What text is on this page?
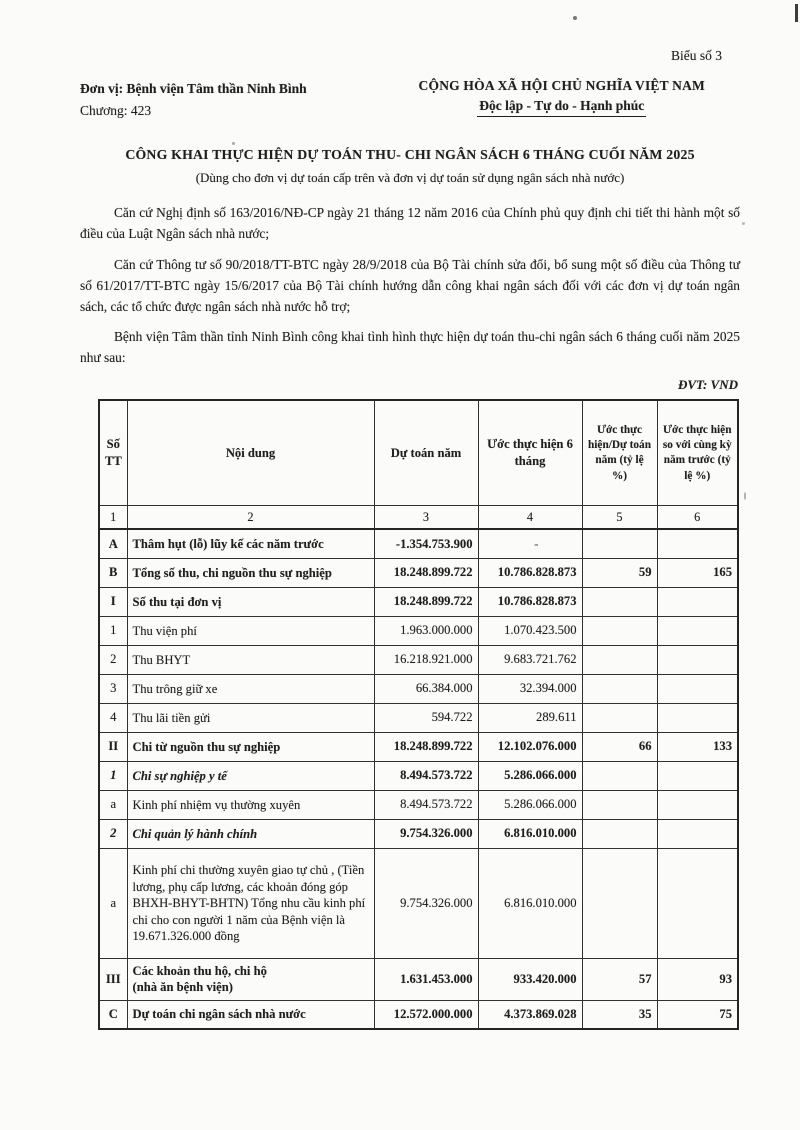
Biểu số 3
Đơn vị: Bệnh viện Tâm thần Ninh Bình
Chương: 423
CỘNG HÒA XÃ HỘI CHỦ NGHĨA VIỆT NAM
Độc lập - Tự do - Hạnh phúc
CÔNG KHAI THỰC HIỆN DỰ TOÁN THU- CHI NGÂN SÁCH 6 THÁNG CUỐI NĂM 2025
(Dùng cho đơn vị dự toán cấp trên và đơn vị dự toán sử dụng ngân sách nhà nước)

Căn cứ Nghị định số 163/2016/NĐ-CP ngày 21 tháng 12 năm 2016 của Chính phủ quy định chi tiết thi hành một số điều của Luật Ngân sách nhà nước;

Căn cứ Thông tư số 90/2018/TT-BTC ngày 28/9/2018 của Bộ Tài chính sửa đổi, bổ sung một số điều của Thông tư số 61/2017/TT-BTC ngày 15/6/2017 của Bộ Tài chính hướng dẫn công khai ngân sách đối với các đơn vị dự toán ngân sách, các tổ chức được ngân sách nhà nước hỗ trợ;

Bệnh viện Tâm thần tỉnh Ninh Bình công khai tình hình thực hiện dự toán thu-chi ngân sách 6 tháng cuối năm 2025 như sau:

ĐVT: VND
Số TT	Nội dung	Dự toán năm	Ước thực hiện 6 tháng	Ước thực hiện/Dự toán năm (tỷ lệ %)	Ước thực hiện so với cùng kỳ năm trước (tỷ lệ %)
1	2	3	4	5	6
A	Thâm hụt (lỗ) lũy kế các năm trước	-1.354.753.900	-		
B	Tổng số thu, chi nguồn thu sự nghiệp	18.248.899.722	10.786.828.873	59	165
I	Số thu tại đơn vị	18.248.899.722	10.786.828.873		
1	Thu viện phí	1.963.000.000	1.070.423.500		
2	Thu BHYT	16.218.921.000	9.683.721.762		
3	Thu trông giữ xe	66.384.000	32.394.000		
4	Thu lãi tiền gửi	594.722	289.611		
II	Chi từ nguồn thu sự nghiệp	18.248.899.722	12.102.076.000	66	133
1	Chi sự nghiệp y tế	8.494.573.722	5.286.066.000		
a	Kinh phí nhiệm vụ thường xuyên	8.494.573.722	5.286.066.000		
2	Chi quản lý hành chính	9.754.326.000	6.816.010.000		
a	Kinh phí chi thường xuyên giao tự chủ , (Tiền lương, phụ cấp lương, các khoản đóng góp BHXH-BHYT-BHTN) Tổng nhu cầu kinh phí chi cho con người 1 năm của Bệnh viện là 19.671.326.000 đồng	9.754.326.000	6.816.010.000		
III	Các khoản thu hộ, chi hộ
(nhà ăn bệnh viện)	1.631.453.000	933.420.000	57	93
C	Dự toán chi ngân sách nhà nước	12.572.000.000	4.373.869.028	35	75
